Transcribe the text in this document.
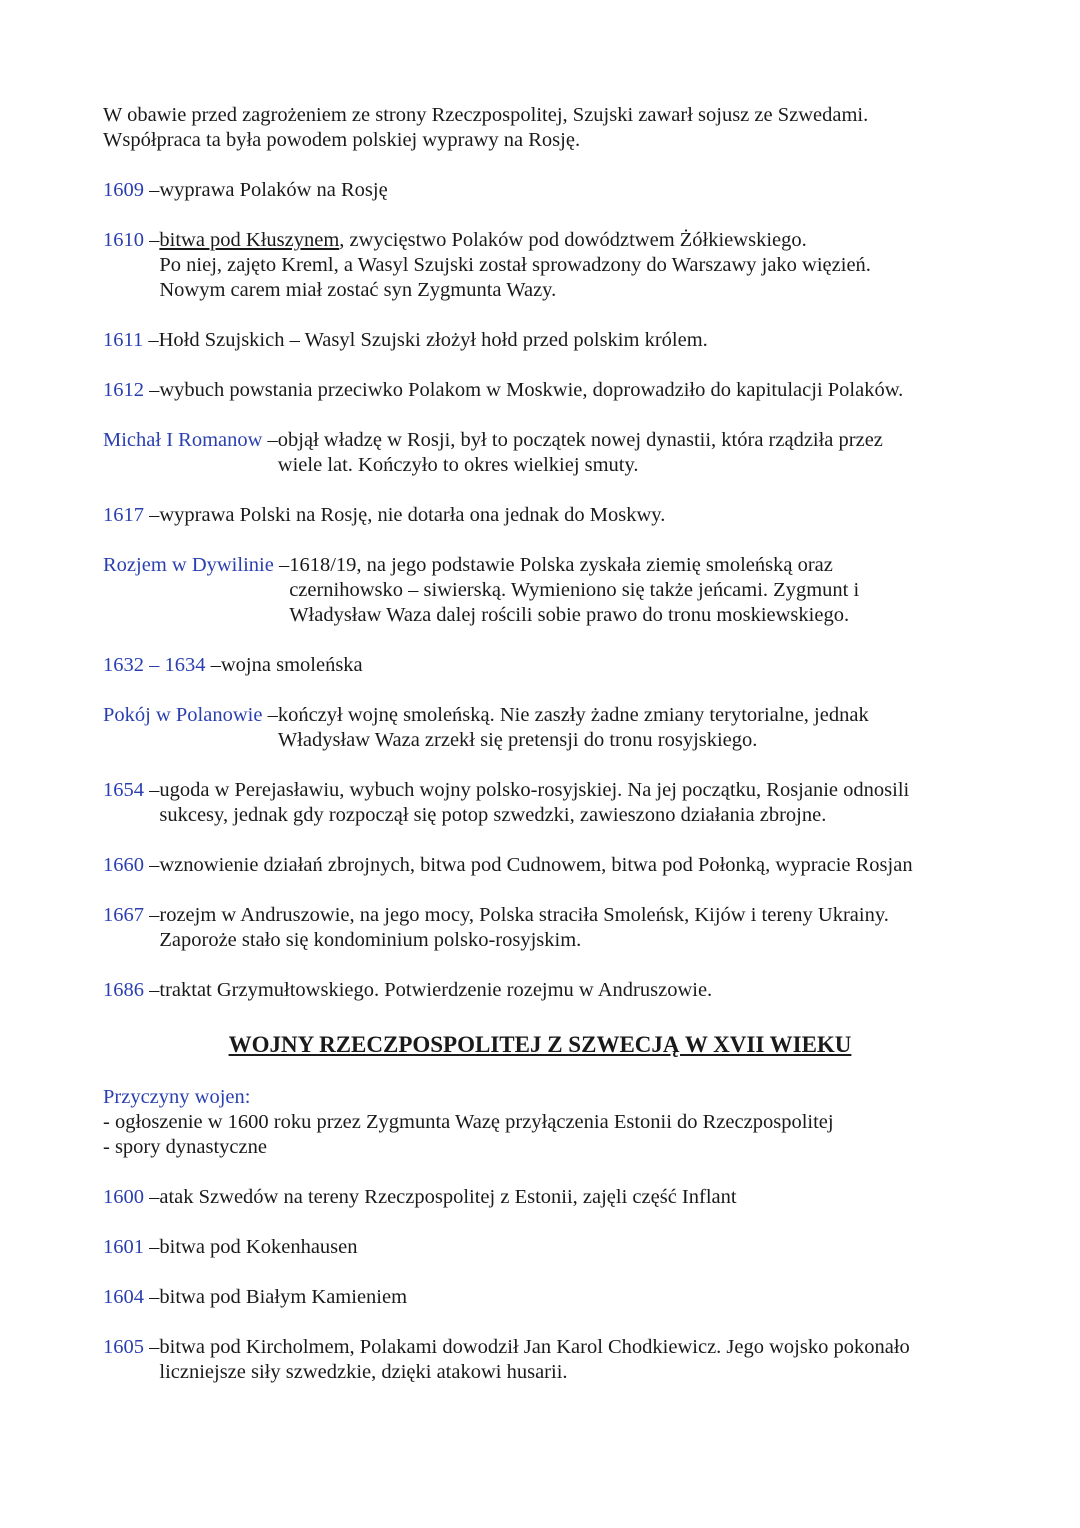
W obawie przed zagrożeniem ze strony Rzeczpospolitej, Szujski zawarł sojusz ze Szwedami.

Współpraca ta była powodem polskiej wyprawy na Rosję.

1609 – wyprawa Polaków na Rosję
1610 – bitwa pod Kłuszynem, zwycięstwo Polaków pod dowództwem Żółkiewskiego.
Po niej, zajęto Kreml, a Wasyl Szujski został sprowadzony do Warszawy jako więzień.
Nowym carem miał zostać syn Zygmunta Wazy.
1611 – Hołd Szujskich – Wasyl Szujski złożył hołd przed polskim królem.
1612 – wybuch powstania przeciwko Polakom w Moskwie, doprowadziło do kapitulacji Polaków.
Michał I Romanow – objął władzę w Rosji, był to początek nowej dynastii, która rządziła przez
wiele lat. Kończyło to okres wielkiej smuty.
1617 – wyprawa Polski na Rosję, nie dotarła ona jednak do Moskwy.
Rozjem w Dywilinie – 1618/19, na jego podstawie Polska zyskała ziemię smoleńską oraz
czernihowsko – siwierską. Wymieniono się także jeńcami. Zygmunt i
Władysław Waza dalej rościli sobie prawo do tronu moskiewskiego.
1632 – 1634 – wojna smoleńska
Pokój w Polanowie – kończył wojnę smoleńską. Nie zaszły żadne zmiany terytorialne, jednak
Władysław Waza zrzekł się pretensji do tronu rosyjskiego.
1654 – ugoda w Perejasławiu, wybuch wojny polsko-rosyjskiej. Na jej początku, Rosjanie odnosili
sukcesy, jednak gdy rozpoczął się potop szwedzki, zawieszono działania zbrojne.
1660 – wznowienie działań zbrojnych, bitwa pod Cudnowem, bitwa pod Połonką, wypracie Rosjan
1667 – rozejm w Andruszowie, na jego mocy, Polska straciła Smoleńsk, Kijów i tereny Ukrainy.
Zaporoże stało się kondominium polsko-rosyjskim.
1686 – traktat Grzymułtowskiego. Potwierdzenie rozejmu w Andruszowie.
WOJNY RZECZPOSPOLITEJ Z SZWECJĄ W XVII WIEKU

Przyczyny wojen:

- ogłoszenie w 1600 roku przez Zygmunta Wazę przyłączenia Estonii do Rzeczpospolitej

- spory dynastyczne

1600 – atak Szwedów na tereny Rzeczpospolitej z Estonii, zajęli część Inflant
1601 – bitwa pod Kokenhausen
1604 – bitwa pod Białym Kamieniem
1605 – bitwa pod Kircholmem, Polakami dowodził Jan Karol Chodkiewicz. Jego wojsko pokonało
liczniejsze siły szwedzkie, dzięki atakowi husarii.
